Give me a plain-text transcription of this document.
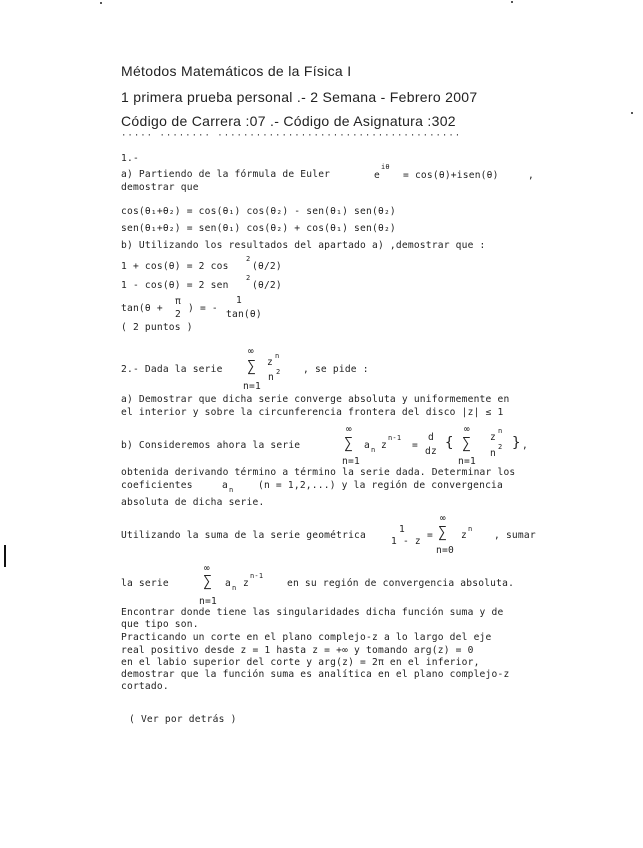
Métodos Matemáticos de la Física I
1 primera prueba personal .- 2 Semana - Febrero 2007
Código de Carrera :07 .- Código de Asignatura :302
····· ········ ······································
1.-
a) Partiendo de la fórmula de Euler	e
iθ
= cos(θ)+isen(θ)	,
demostrar que
cos(θ₁+θ₂) = cos(θ₁) cos(θ₂) - sen(θ₁) sen(θ₂)
sen(θ₁+θ₂) = sen(θ₁) cos(θ₂) + cos(θ₁) sen(θ₂)
b) Utilizando los resultados del apartado a) ,demostrar que :
1 + cos(θ) = 2 cos
2
(θ/2)
1 - cos(θ) = 2 sen
2
(θ/2)
tan(θ +
π
2
) = -
1
tan(θ)
( 2 puntos )
∞
∑
2.- Dada la serie
z
n
n 2 , se pide :
n=1
a) Demostrar que dicha serie converge absoluta y uniformemente en
el interior y sobre la circunferencia frontera del disco |z| ≤ 1
∞
∑
b) Consideremos ahora la serie	a n z
n-1
=
d
dz
{
∞
∑
n=1
z
n
n
2 } ,
n=1
obtenida derivando término a término la serie dada. Determinar los
coeficientes	a n	(n = 1,2,...) y la región de convergencia
absoluta de dicha serie.
Utilizando la suma de la serie geométrica
1
1 - z
=
∞
∑
n=0
z
n
, sumar
∞
∑
la serie	a n z
n-1
en su región de convergencia absoluta.
n=1
Encontrar donde tiene las singularidades dicha función suma y de
que tipo son.
Practicando un corte en el plano complejo-z a lo largo del eje
real positivo desde z = 1 hasta z = +∞ y tomando arg(z) = 0
en el labio superior del corte y arg(z) = 2π en el inferior,
demostrar que la función suma es analítica en el plano complejo-z
cortado.
( Ver por detrás )
